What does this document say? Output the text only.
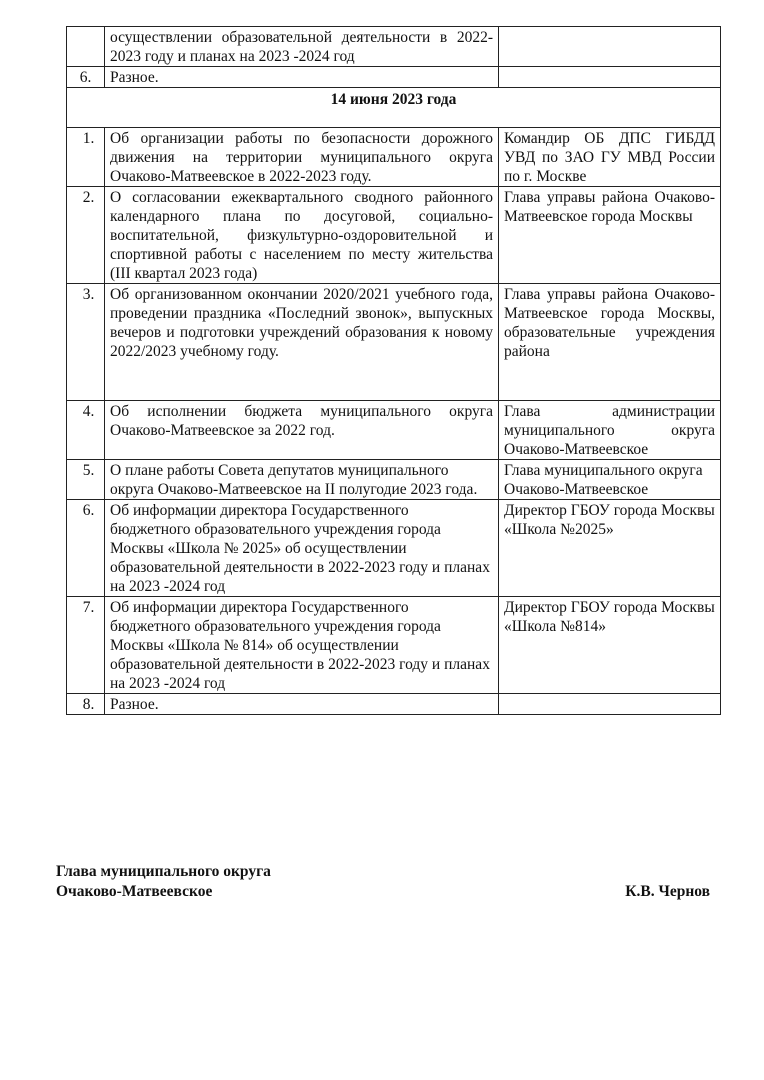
	осуществлении образовательной деятельности в 2022-2023 году и планах на 2023 -2024 год	
6.	Разное.	
14 июня 2023 года		
1.	Об организации работы по безопасности дорожного движения на территории муниципального округа Очаково-Матвеевское в 2022-2023 году.	Командир ОБ ДПС ГИБДД УВД по ЗАО ГУ МВД России по г. Москве
2.	О согласовании ежеквартального сводного районного календарного плана по досуговой, социально-воспитательной, физкультурно-оздоровительной и спортивной работы с населением по месту жительства (III квартал 2023 года)	Глава управы района Очаково-Матвеевское города Москвы
3.	Об организованном окончании 2020/2021 учебного года, проведении праздника «Последний звонок», выпускных вечеров и подготовки учреждений образования к новому 2022/2023 учебному году.	Глава управы района Очаково-Матвеевское города Москвы, образовательные учреждения района
4.	Об исполнении бюджета муниципального округа Очаково-Матвеевское за 2022 год.	Глава администрации муниципального округа Очаково-Матвеевское
5.	О плане работы Совета депутатов муниципального округа Очаково-Матвеевское на II полугодие 2023 года.	Глава муниципального округа Очаково-Матвеевское
6.	Об информации директора Государственного бюджетного образовательного учреждения города Москвы «Школа № 2025» об осуществлении образовательной деятельности в 2022-2023 году и планах на 2023 -2024 год	Директор ГБОУ города Москвы «Школа №2025»
7.	Об информации директора Государственного бюджетного образовательного учреждения города Москвы «Школа № 814» об осуществлении образовательной деятельности в 2022-2023 году и планах на 2023 -2024 год	Директор ГБОУ города Москвы «Школа №814»
8.	Разное.	
Глава муниципального округа
Очаково-Матвеевское	К.В. Чернов
